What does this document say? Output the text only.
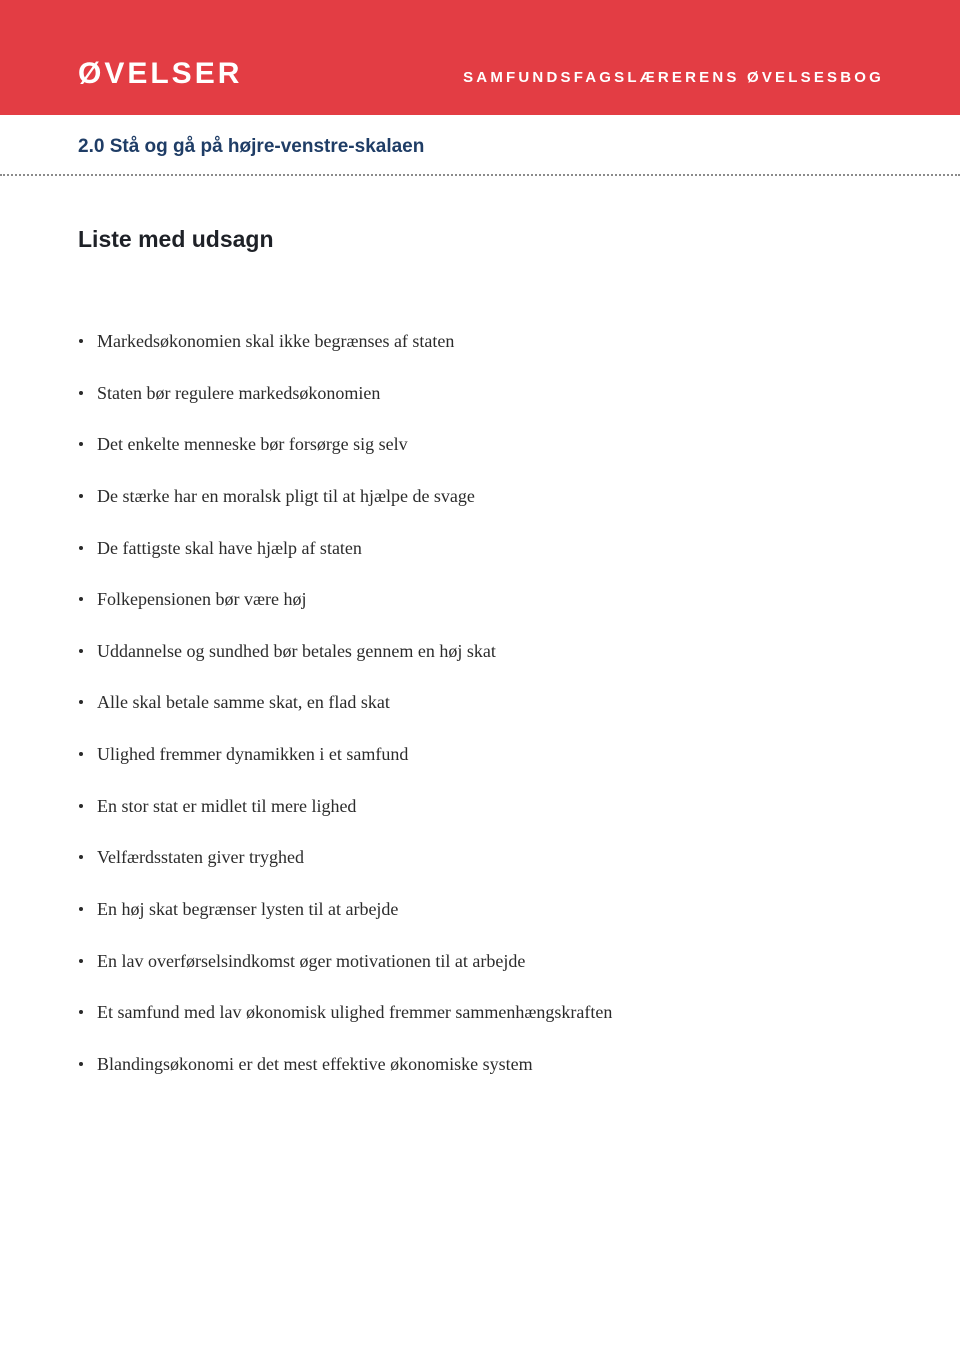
ØVELSER	SAMFUNDSFAGSLÆRERENS ØVELSESBOG
2.0 Stå og gå på højre-venstre-skalaen
Liste med udsagn
Markedsøkonomien skal ikke begrænses af staten
Staten bør regulere markedsøkonomien
Det enkelte menneske bør forsørge sig selv
De stærke har en moralsk pligt til at hjælpe de svage
De fattigste skal have hjælp af staten
Folkepensionen bør være høj
Uddannelse og sundhed bør betales gennem en høj skat
Alle skal betale samme skat, en flad skat
Ulighed fremmer dynamikken i et samfund
En stor stat er midlet til mere lighed
Velfærdsstaten giver tryghed
En høj skat begrænser lysten til at arbejde
En lav overførselsindkomst øger motivationen til at arbejde
Et samfund med lav økonomisk ulighed fremmer sammenhængskraften
Blandingsøkonomi er det mest effektive økonomiske system
